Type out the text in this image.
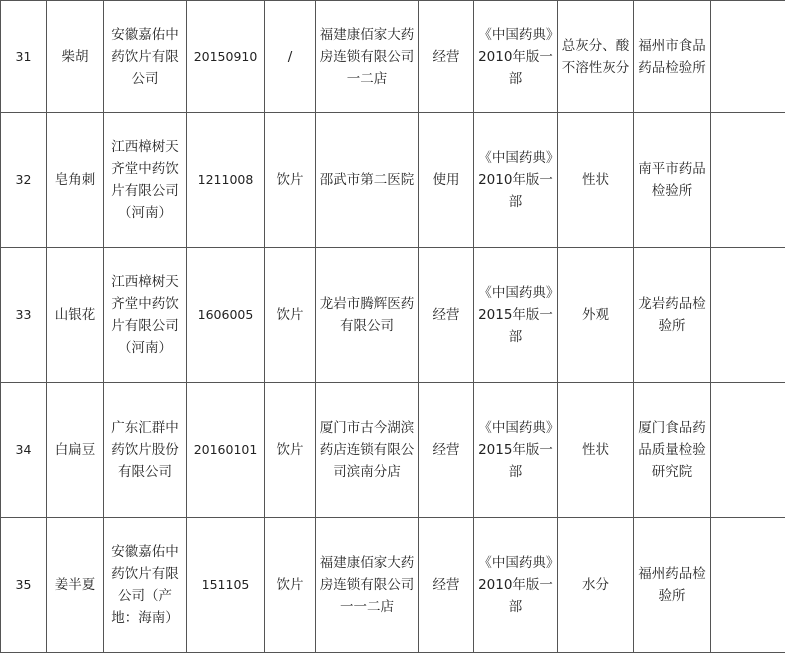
31	柴胡	安徽嘉佑中药饮片有限公司	20150910	/	福建康佰家大药房连锁有限公司一二店	经营	《中国药典》2010年版一部	总灰分、酸不溶性灰分	福州市食品药品检验所	
32	皂角刺	江西樟树天齐堂中药饮片有限公司（河南）	1211008	饮片	邵武市第二医院	使用	《中国药典》2010年版一部	性状	南平市药品检验所	
33	山银花	江西樟树天齐堂中药饮片有限公司（河南）	1606005	饮片	龙岩市腾辉医药有限公司	经营	《中国药典》2015年版一部	外观	龙岩药品检验所	
34	白扁豆	广东汇群中药饮片股份有限公司	20160101	饮片	厦门市古今湖滨药店连锁有限公司滨南分店	经营	《中国药典》2015年版一部	性状	厦门食品药品质量检验研究院	
35	姜半夏	安徽嘉佑中药饮片有限公司（产地：海南）	151105	饮片	福建康佰家大药房连锁有限公司一一二店	经营	《中国药典》2010年版一部	水分	福州药品检验所	
